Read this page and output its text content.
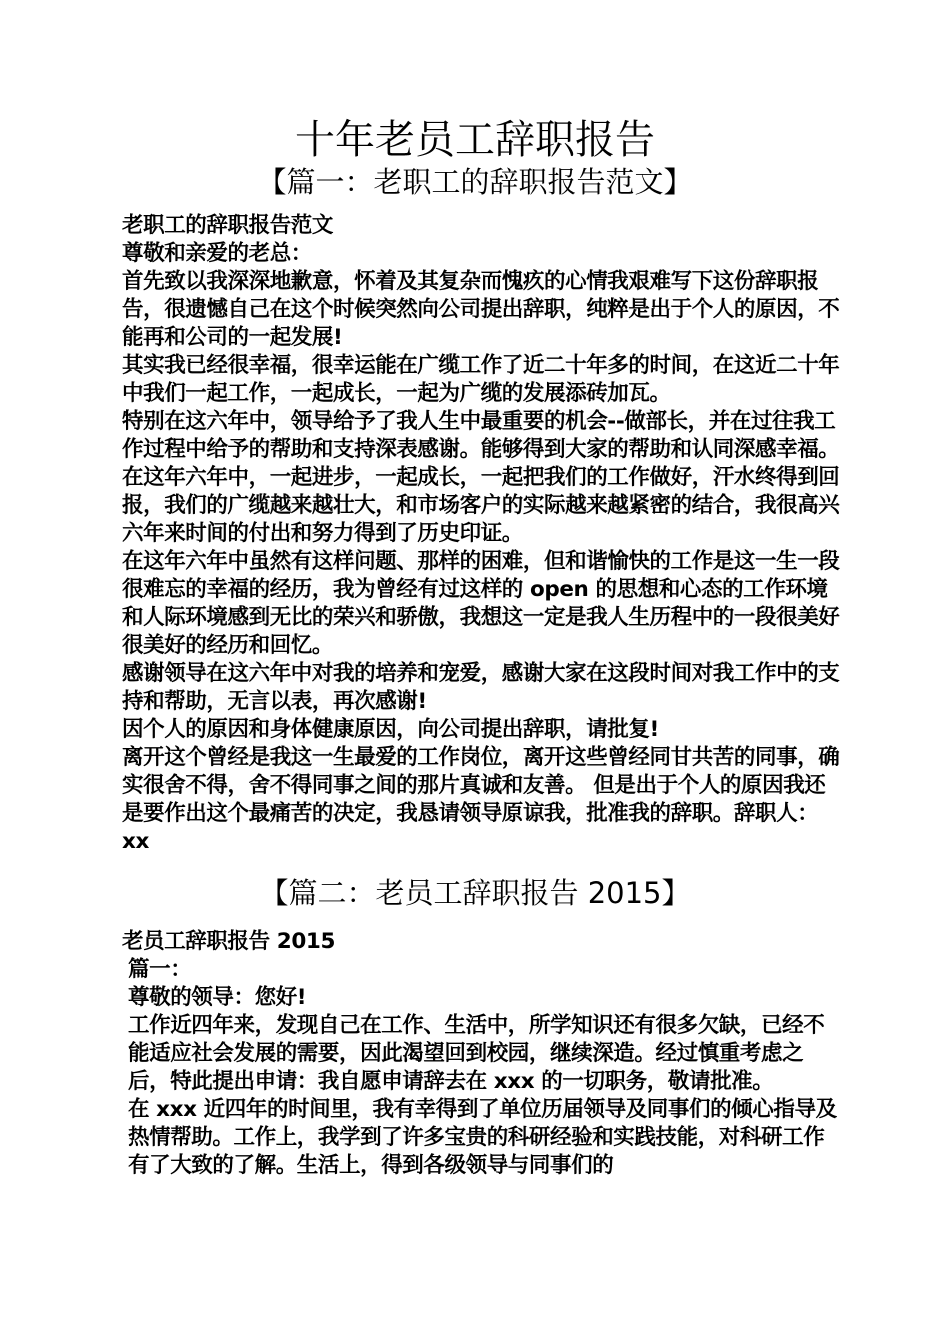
十年老员工辞职报告
【篇一：老职工的辞职报告范文】

老职工的辞职报告范文

尊敬和亲爱的老总：

首先致以我深深地歉意，怀着及其复杂而愧疚的心情我艰难写下这份辞职报告，很遗憾自己在这个时候突然向公司提出辞职，纯粹是出于个人的原因，不能再和公司的一起发展!

其实我已经很幸福，很幸运能在广缆工作了近二十年多的时间，在这近二十年中我们一起工作，一起成长，一起为广缆的发展添砖加瓦。

特别在这六年中，领导给予了我人生中最重要的机会--做部长，并在过往我工作过程中给予的帮助和支持深表感谢。能够得到大家的帮助和认同深感幸福。

在这年六年中，一起进步，一起成长，一起把我们的工作做好，汗水终得到回报，我们的广缆越来越壮大，和市场客户的实际越来越紧密的结合，我很高兴六年来时间的付出和努力得到了历史印证。

在这年六年中虽然有这样问题、那样的困难，但和谐愉快的工作是这一生一段很难忘的幸福的经历，我为曾经有过这样的 open 的思想和心态的工作环境和人际环境感到无比的荣兴和骄傲，我想这一定是我人生历程中的一段很美好很美好的经历和回忆。

感谢领导在这六年中对我的培养和宠爱，感谢大家在这段时间对我工作中的支持和帮助，无言以表，再次感谢!

因个人的原因和身体健康原因，向公司提出辞职，请批复!

离开这个曾经是我这一生最爱的工作岗位，离开这些曾经同甘共苦的同事，确实很舍不得，舍不得同事之间的那片真诚和友善。 但是出于个人的原因我还是要作出这个最痛苦的决定，我恳请领导原谅我，批准我的辞职。辞职人：xx

【篇二：老员工辞职报告 2015】

老员工辞职报告 2015

篇一：

尊敬的领导：您好!

工作近四年来，发现自己在工作、生活中，所学知识还有很多欠缺，已经不能适应社会发展的需要，因此渴望回到校园，继续深造。经过慎重考虑之后，特此提出申请：我自愿申请辞去在 xxx 的一切职务，敬请批准。

在 xxx 近四年的时间里，我有幸得到了单位历届领导及同事们的倾心指导及热情帮助。工作上，我学到了许多宝贵的科研经验和实践技能，对科研工作有了大致的了解。生活上，得到各级领导与同事们的
